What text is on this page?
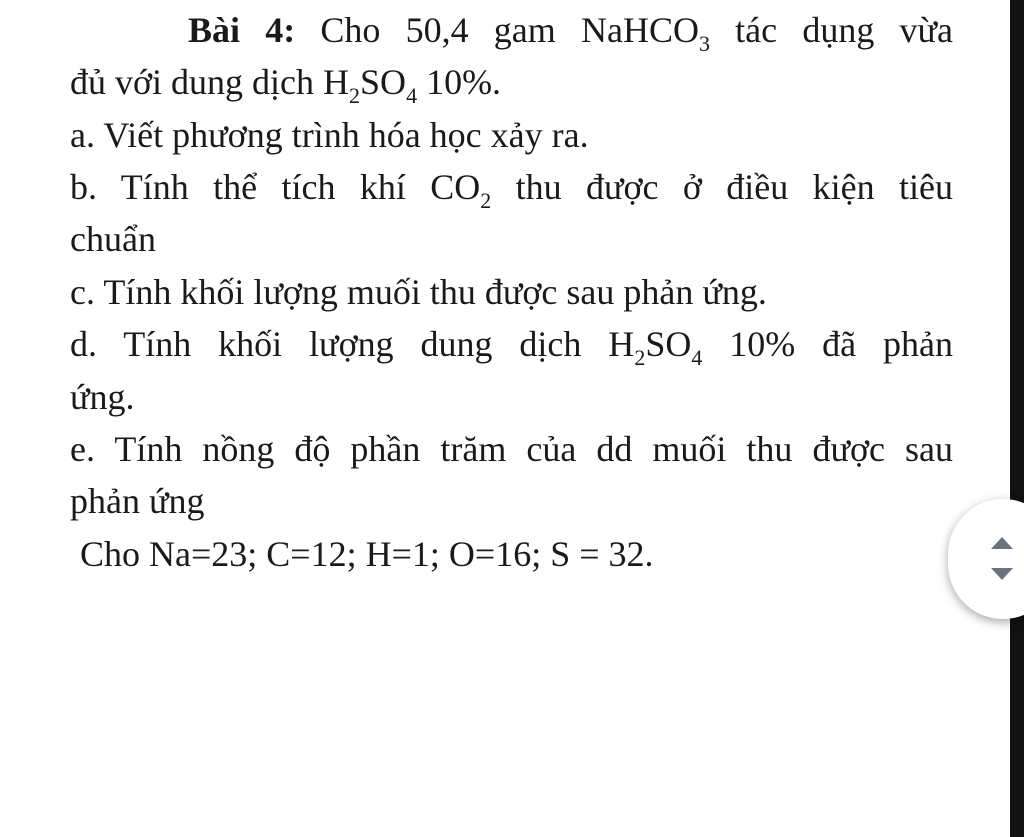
Bài 4: Cho 50,4 gam NaHCO$_3$ tác dụng vừa
đủ với dung dịch $H_2SO_4$ 10%.
a. Viết phương trình hóa học xảy ra.
b. Tính thể tích khí $CO_2$ thu được ở điều kiện tiêu
chuẩn
c. Tính khối lượng muối thu được sau phản ứng.
d. Tính khối lượng dung dịch $H_2SO_4$ 10% đã phản
ứng.
e. Tính nồng độ phần trăm của dd muối thu được sau
phản ứng
Cho Na=23; C=12; H=1; O=16; S = 32.
